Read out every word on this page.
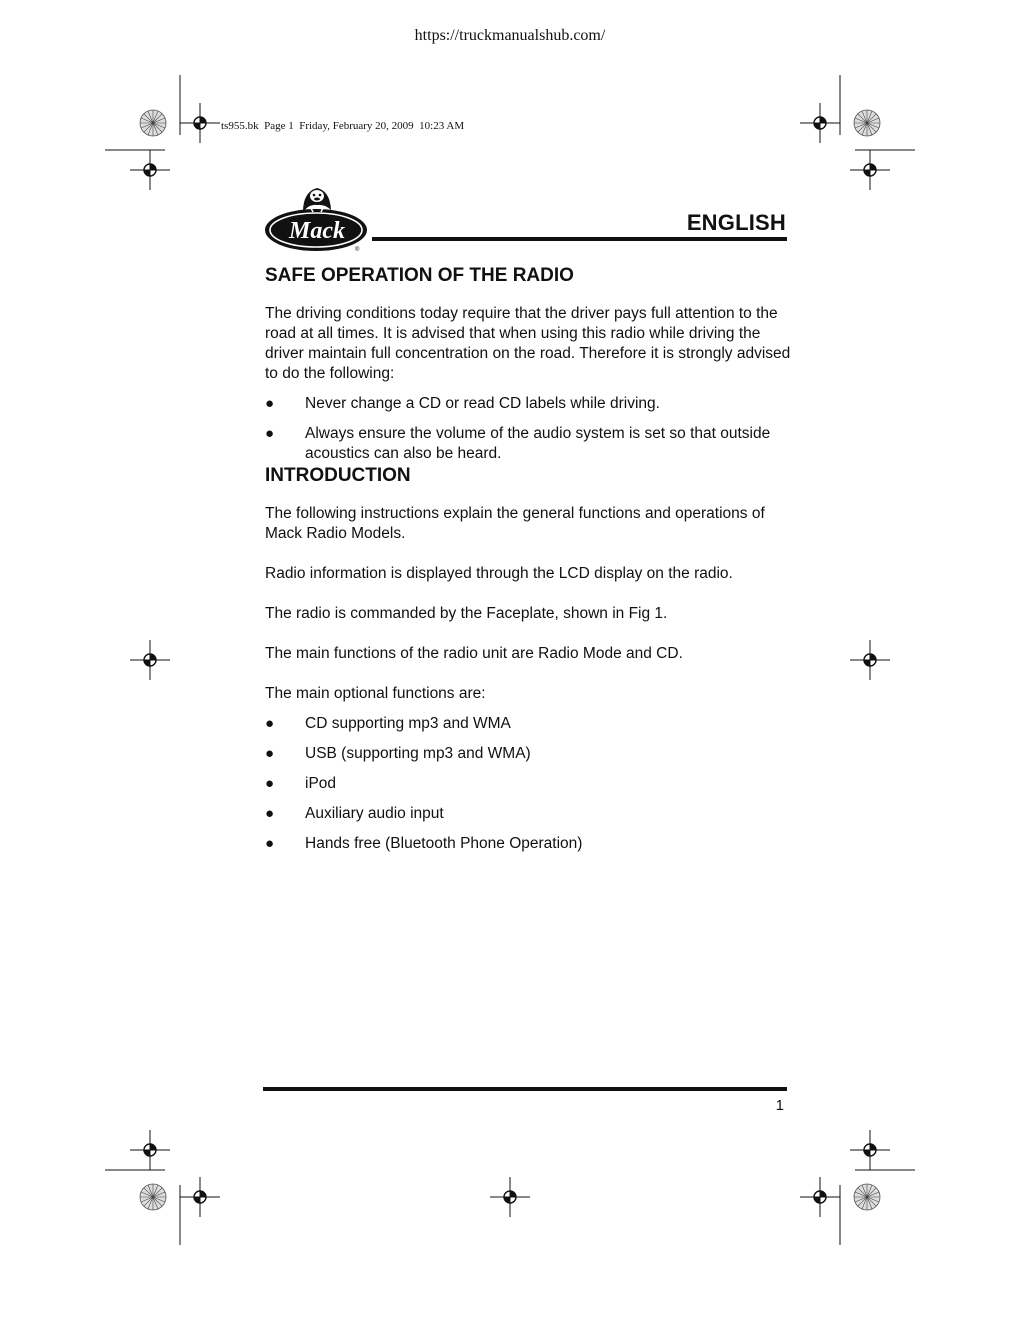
https://truckmanualshub.com/
ts955.bk  Page 1  Friday, February 20, 2009  10:23 AM
Mack
®
ENGLISH
SAFE OPERATION OF THE RADIO

The driving conditions today require that the driver pays full attention to the road at all times. It is advised that when using this radio while driving the driver maintain full concentration on the road. Therefore it is strongly advised to do the following:

● Never change a CD or read CD labels while driving.
● Always ensure the volume of the audio system is set so that outside acoustics can also be heard.
INTRODUCTION

The following instructions explain the general functions and operations of Mack Radio Models.

Radio information is displayed through the LCD display on the radio.

The radio is commanded by the Faceplate, shown in Fig 1.

The main functions of the radio unit are Radio Mode and CD.

The main optional functions are:

● CD supporting mp3 and WMA
● USB (supporting mp3 and WMA)
● iPod
● Auxiliary audio input
● Hands free (Bluetooth Phone Operation)
1
